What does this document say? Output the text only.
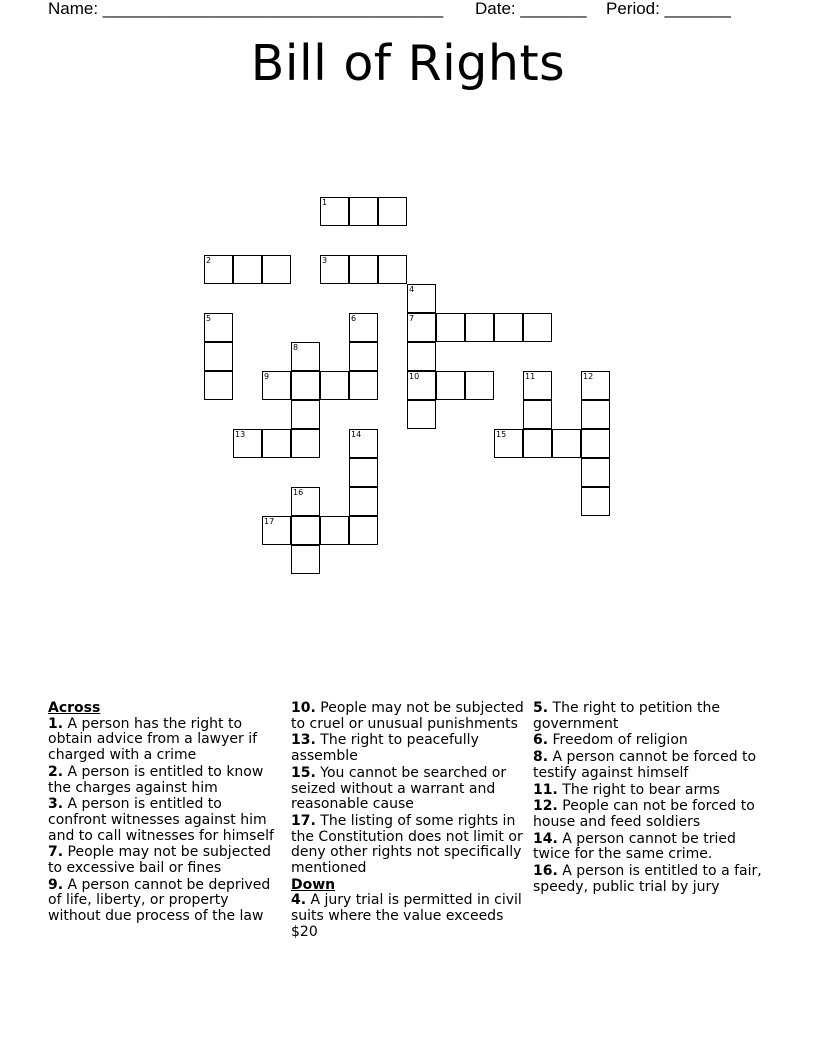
Name: ____________________________________ Date: _______ Period: _______
Bill of Rights
1
2	3
4
5	6	7
8
9	10	11	12
13	14	15
16
17
Across
1. A person has the right to obtain advice from a lawyer if charged with a crime
2. A person is entitled to know the charges against him
3. A person is entitled to confront witnesses against him and to call witnesses for himself
7. People may not be subjected to excessive bail or fines
9. A person cannot be deprived of life, liberty, or property without due process of the law
10. People may not be subjected to cruel or unusual punishments
13. The right to peacefully assemble
15. You cannot be searched or seized without a warrant and reasonable cause
17. The listing of some rights in the Constitution does not limit or deny other rights not specifically mentioned
Down
4. A jury trial is permitted in civil suits where the value exceeds $20
5. The right to petition the government
6. Freedom of religion
8. A person cannot be forced to testify against himself
11. The right to bear arms
12. People can not be forced to house and feed soldiers
14. A person cannot be tried twice for the same crime.
16. A person is entitled to a fair, speedy, public trial by jury
